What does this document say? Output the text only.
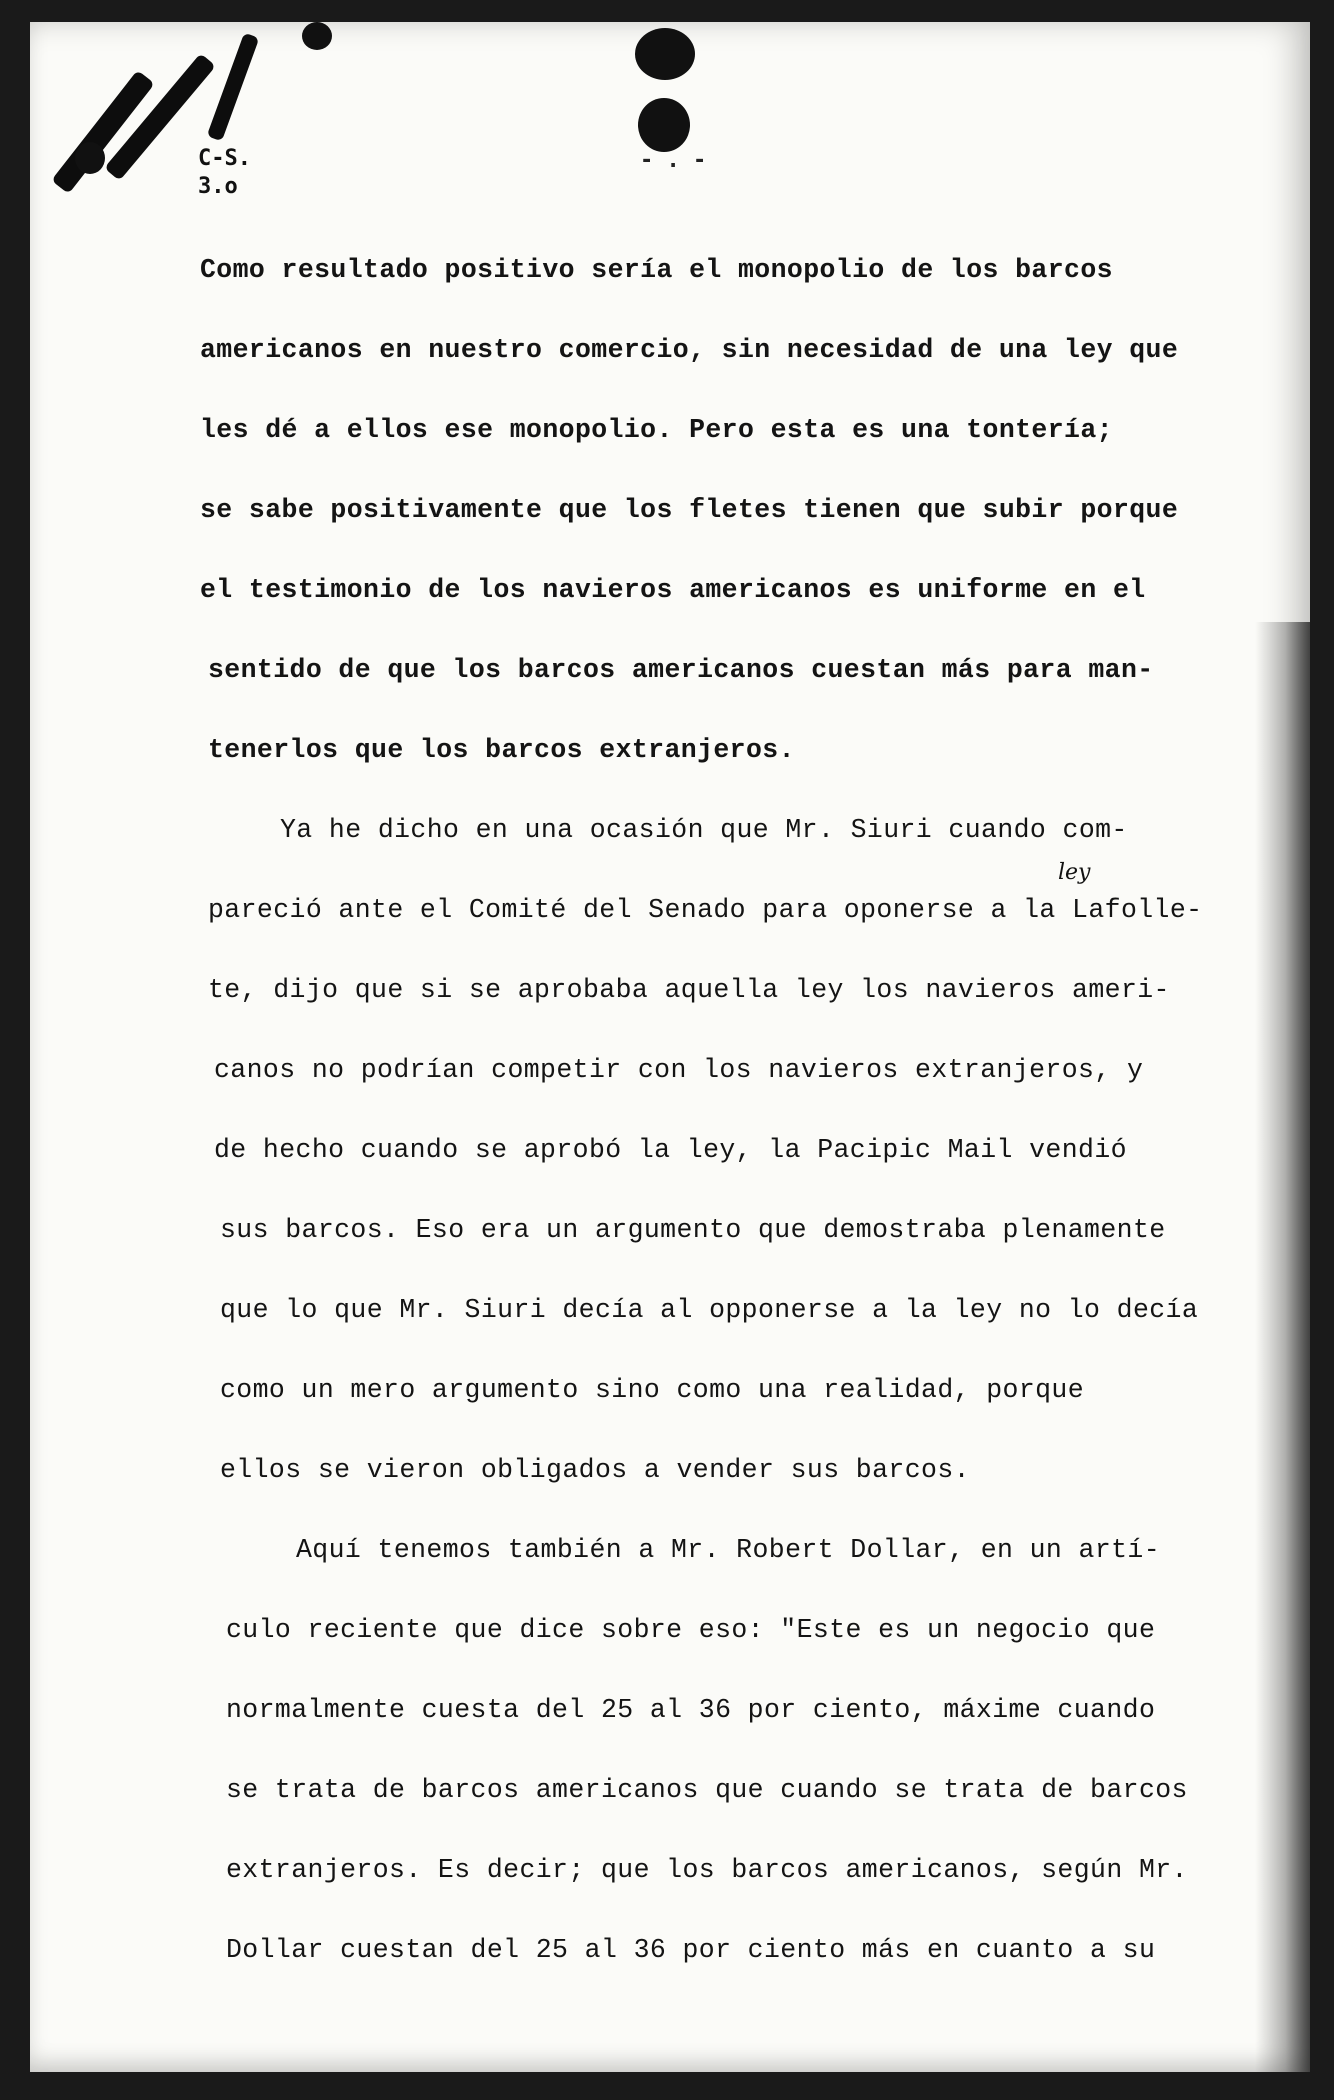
C-S.
3.o
- . -
ley
Como resultado positivo sería el monopolio de los barcos
americanos en nuestro comercio, sin necesidad de una ley que
les dé a ellos ese monopolio. Pero esta es una tontería;
se sabe positivamente que los fletes tienen que subir porque
el testimonio de los navieros americanos es uniforme en el
sentido de que los barcos americanos cuestan más para man-
tenerlos que los barcos extranjeros.
Ya he dicho en una ocasión que Mr. Siuri cuando com-
pareció ante el Comité del Senado para oponerse a la Lafolle-
te, dijo que si se aprobaba aquella ley los navieros ameri-
canos no podrían competir con los navieros extranjeros, y
de hecho cuando se aprobó la ley, la Pacipic Mail vendió
sus barcos. Eso era un argumento que demostraba plenamente
que lo que Mr. Siuri decía al opponerse a la ley no lo decía
como un mero argumento sino como una realidad, porque
ellos se vieron obligados a vender sus barcos.
Aquí tenemos también a Mr. Robert Dollar, en un artí-
culo reciente que dice sobre eso: "Este es un negocio que
normalmente cuesta del 25 al 36 por ciento, máxime cuando
se trata de barcos americanos que cuando se trata de barcos
extranjeros. Es decir; que los barcos americanos, según Mr.
Dollar cuestan del 25 al 36 por ciento más en cuanto a su
